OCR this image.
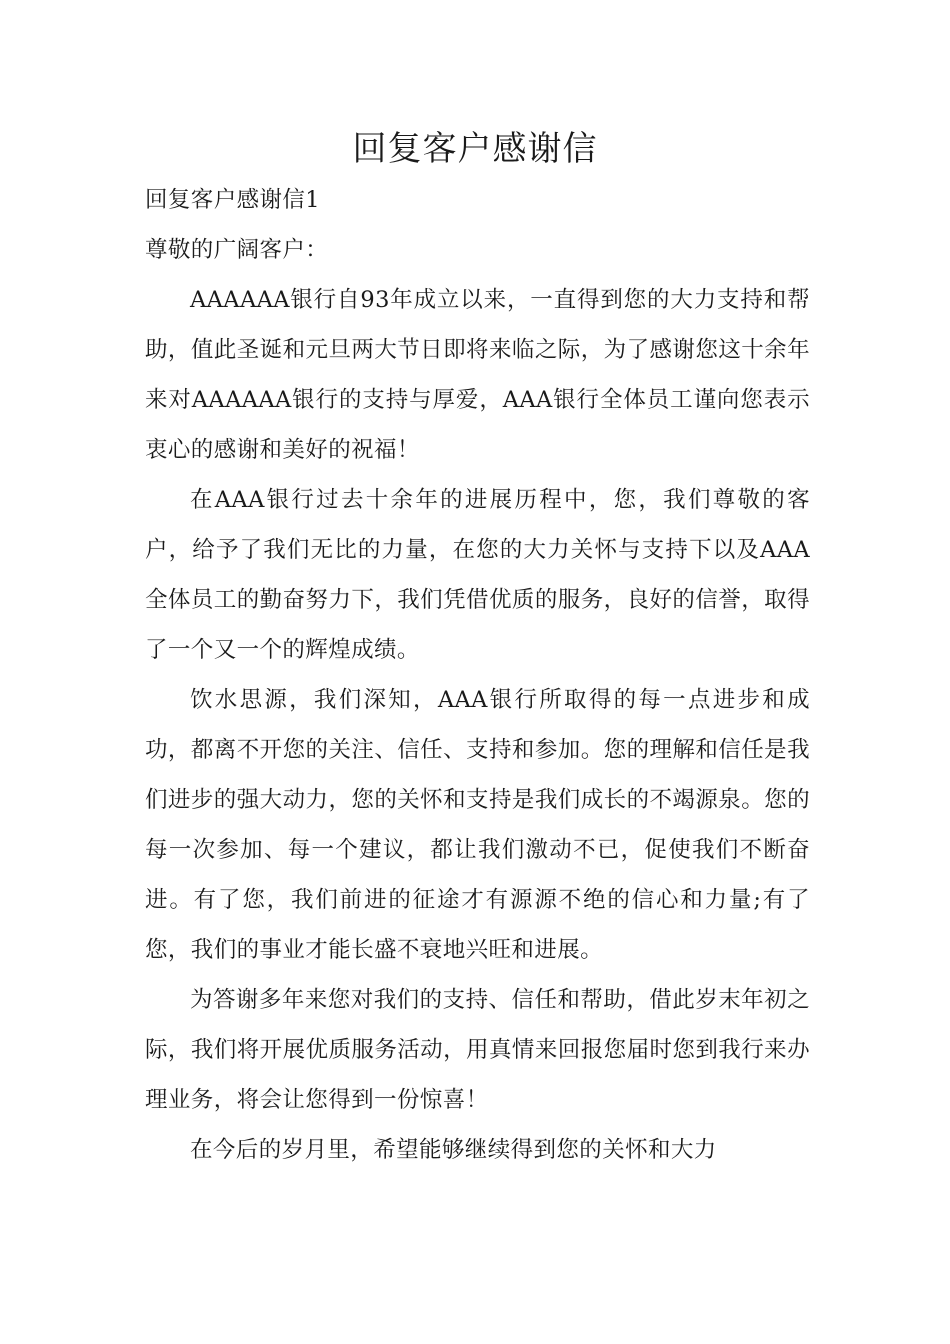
回复客户感谢信

回复客户感谢信1

尊敬的广阔客户：

AAAAAA银行自93年成立以来，一直得到您的大力支持和帮助，值此圣诞和元旦两大节日即将来临之际，为了感谢您这十余年来对AAAAAA银行的支持与厚爱，AAA银行全体员工谨向您表示衷心的感谢和美好的祝福！

在AAA银行过去十余年的进展历程中，您，我们尊敬的客户，给予了我们无比的力量，在您的大力关怀与支持下以及AAA全体员工的勤奋努力下，我们凭借优质的服务，良好的信誉，取得了一个又一个的辉煌成绩。

饮水思源，我们深知，AAA银行所取得的每一点进步和成功，都离不开您的关注、信任、支持和参加。您的理解和信任是我们进步的强大动力，您的关怀和支持是我们成长的不竭源泉。您的每一次参加、每一个建议，都让我们激动不已，促使我们不断奋进。有了您，我们前进的征途才有源源不绝的信心和力量;有了您，我们的事业才能长盛不衰地兴旺和进展。

为答谢多年来您对我们的支持、信任和帮助，借此岁末年初之际，我们将开展优质服务活动，用真情来回报您届时您到我行来办理业务，将会让您得到一份惊喜！

在今后的岁月里，希望能够继续得到您的关怀和大力
